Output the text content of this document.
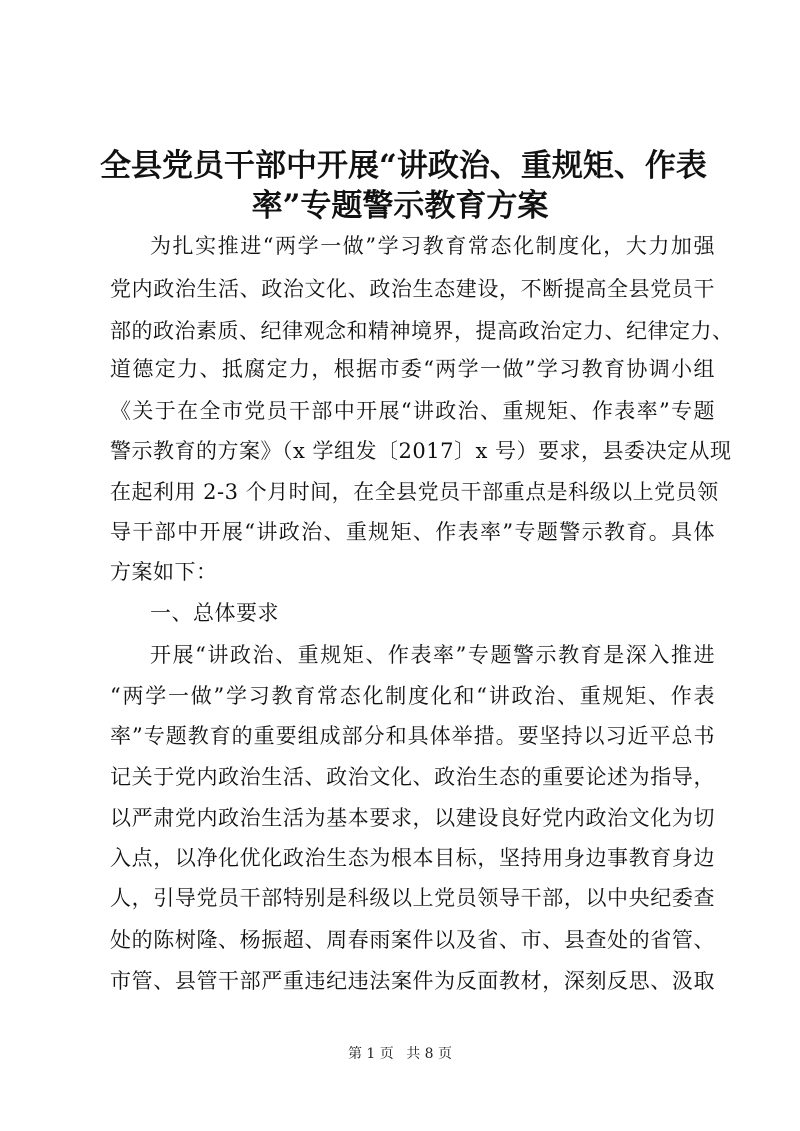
全县党员干部中开展“讲政治、重规矩、作表
率”专题警示教育方案
为扎实推进“两学一做”学习教育常态化制度化，大力加强
党内政治生活、政治文化、政治生态建设，不断提高全县党员干
部的政治素质、纪律观念和精神境界，提高政治定力、纪律定力、
道德定力、抵腐定力，根据市委“两学一做”学习教育协调小组
《关于在全市党员干部中开展“讲政治、重规矩、作表率”专题
警示教育的方案》（x 学组发〔2017〕x 号）要求，县委决定从现
在起利用 2-3 个月时间，在全县党员干部重点是科级以上党员领
导干部中开展“讲政治、重规矩、作表率”专题警示教育。具体
方案如下：
一、总体要求
开展“讲政治、重规矩、作表率”专题警示教育是深入推进
“两学一做”学习教育常态化制度化和“讲政治、重规矩、作表
率”专题教育的重要组成部分和具体举措。要坚持以习近平总书
记关于党内政治生活、政治文化、政治生态的重要论述为指导，
以严肃党内政治生活为基本要求，以建设良好党内政治文化为切
入点，以净化优化政治生态为根本目标，坚持用身边事教育身边
人，引导党员干部特别是科级以上党员领导干部，以中央纪委查
处的陈树隆、杨振超、周春雨案件以及省、市、县查处的省管、
市管、县管干部严重违纪违法案件为反面教材，深刻反思、汲取
第 1 页 共 8 页
